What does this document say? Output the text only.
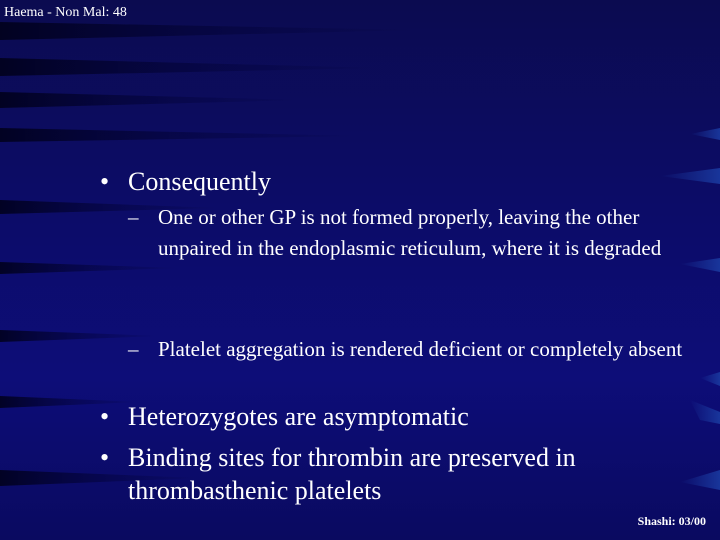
Haema - Non Mal: 48
• Consequently
– One or other GP is not formed properly, leaving the other unpaired in the endoplasmic reticulum, where it is degraded
– Platelet aggregation is rendered deficient or completely absent
• Heterozygotes are asymptomatic
• Binding sites for thrombin are preserved in thrombasthenic platelets
Shashi: 03/00
